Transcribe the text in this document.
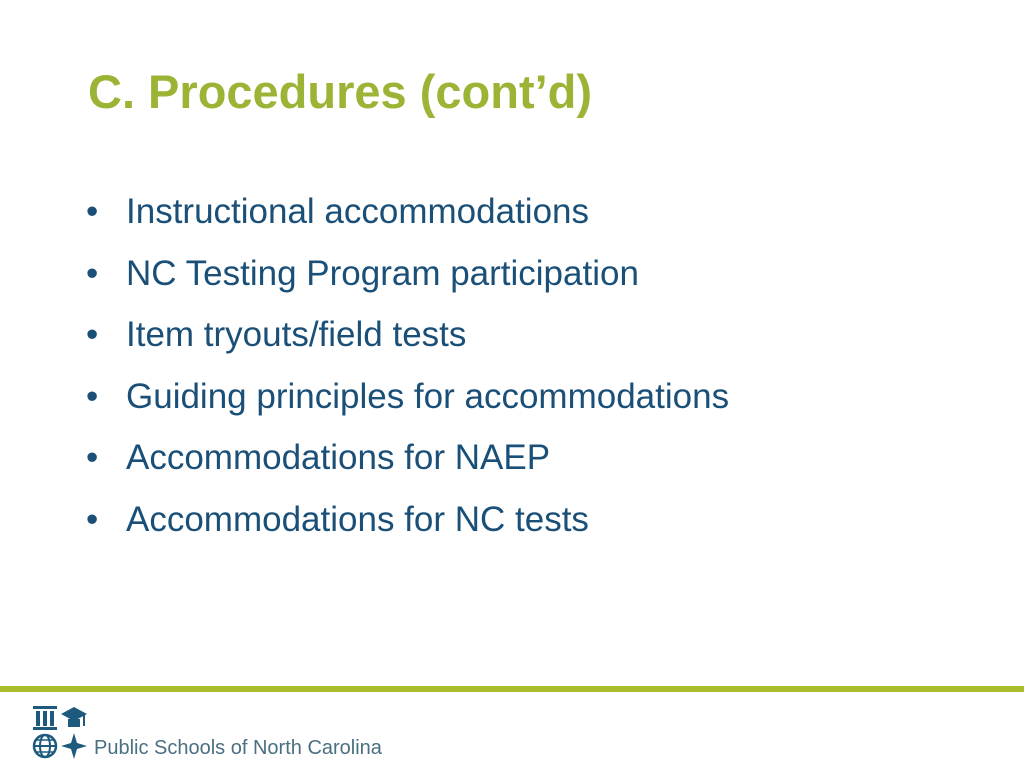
C. Procedures (cont’d)
• Instructional accommodations
• NC Testing Program participation
• Item tryouts/field tests
• Guiding principles for accommodations
• Accommodations for NAEP
• Accommodations for NC tests
Public Schools of North Carolina
